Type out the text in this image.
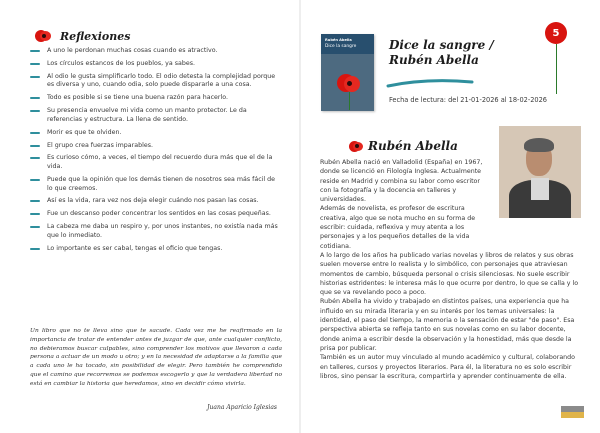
Reflexiones
A uno le perdonan muchas cosas cuando es atractivo.
Los círculos estancos de los pueblos, ya sabes.
Al odio le gusta simplificarlo todo. El odio detesta la complejidad porque es diversa y uno, cuando odia, solo puede dispararle a una cosa.
Todo es posible si se tiene una buena razón para hacerlo.
Su presencia envuelve mi vida como un manto protector. Le da referencias y estructura. La llena de sentido.
Morir es que te olviden.
El grupo crea fuerzas imparables.
Es curioso cómo, a veces, el tiempo del recuerdo dura más que el de la vida.
Puede que la opinión que los demás tienen de nosotros sea más fácil de lo que creemos.
Así es la vida, rara vez nos deja elegir cuándo nos pasan las cosas.
Fue un descanso poder concentrar los sentidos en las cosas pequeñas.
La cabeza me daba un respiro y, por unos instantes, no existía nada más que lo inmediato.
Lo importante es ser cabal, tengas el oficio que tengas.
Un libro que no te lleva sino que te sacude. Cada vez me he reafirmado en la importancia de tratar de entender antes de juzgar de que, ante cualquier conflicto, no debieramos buscar culpables, sino comprender los motivos que llevaron a cada persona a actuar de un modo u otro; y en la necesidad de adaptarse a la familia que a cada uno le ha tocado, sin posibilidad de elegir. Pero también he comprendido que el camino que recorremos se podemos escogerlo y que la verdadera libertad no está en cambiar la historia que heredamos, sino en decidir cómo vivirla.
Juana Aparicio Iglesias
Rubén Abella
Dice la sangre	Dice la sangre /
Rubén Abella
Fecha de lectura: del 21-01-2026 al 18-02-2026
5
Rubén Abella

Rubén Abella nació en Valladolid (España) en 1967, donde se licenció en Filología Inglesa. Actualmente reside en Madrid y combina su labor como escritor con la fotografía y la docencia en talleres y universidades.

Además de novelista, es profesor de escritura creativa, algo que se nota mucho en su forma de escribir: cuidada, reflexiva y muy atenta a los personajes y a los pequeños detalles de la vida cotidiana.

A lo largo de los años ha publicado varias novelas y libros de relatos y sus obras suelen moverse entre lo realista y lo simbólico, con personajes que atraviesan momentos de cambio, búsqueda personal o crisis silenciosas. No suele escribir historias estridentes: le interesa más lo que ocurre por dentro, lo que se calla y lo que se va revelando poco a poco.

Rubén Abella ha vivido y trabajado en distintos países, una experiencia que ha influido en su mirada literaria y en su interés por los temas universales: la identidad, el paso del tiempo, la memoria o la sensación de estar "de paso". Esa perspectiva abierta se refleja tanto en sus novelas como en su labor docente, donde anima a escribir desde la observación y la honestidad, más que desde la prisa por publicar.

También es un autor muy vinculado al mundo académico y cultural, colaborando en talleres, cursos y proyectos literarios. Para él, la literatura no es solo escribir libros, sino pensar la escritura, compartirla y aprender continuamente de ella.
